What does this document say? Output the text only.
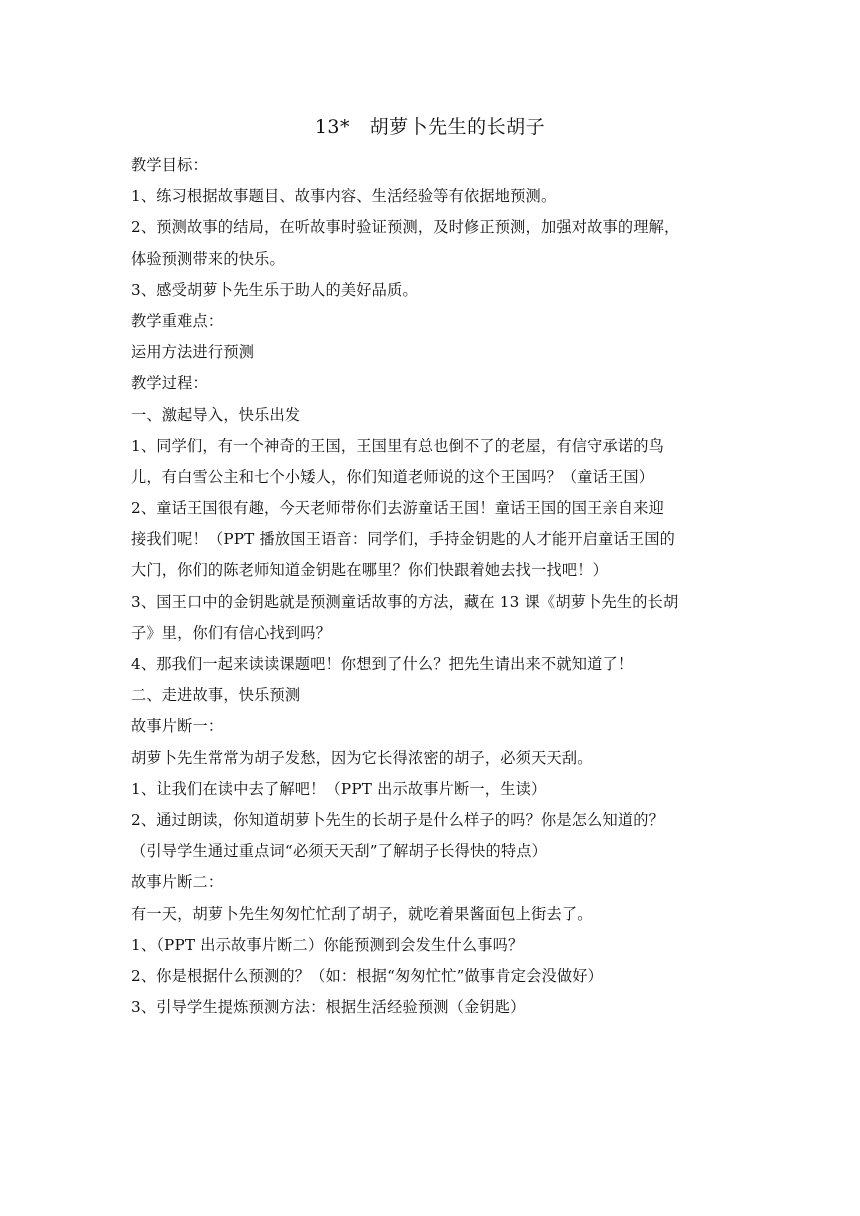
13*   胡萝卜先生的长胡子
教学目标：
1、练习根据故事题目、故事内容、生活经验等有依据地预测。
2、预测故事的结局，在听故事时验证预测，及时修正预测，加强对故事的理解，
体验预测带来的快乐。
3、感受胡萝卜先生乐于助人的美好品质。
教学重难点：
运用方法进行预测
教学过程：
一、激起导入，快乐出发
1、同学们，有一个神奇的王国，王国里有总也倒不了的老屋，有信守承诺的鸟
儿，有白雪公主和七个小矮人，你们知道老师说的这个王国吗？（童话王国）
2、童话王国很有趣，今天老师带你们去游童话王国！童话王国的国王亲自来迎
接我们呢！（PPT 播放国王语音：同学们，手持金钥匙的人才能开启童话王国的
大门，你们的陈老师知道金钥匙在哪里？你们快跟着她去找一找吧！）
3、国王口中的金钥匙就是预测童话故事的方法，藏在 13 课《胡萝卜先生的长胡
子》里，你们有信心找到吗？
4、那我们一起来读读课题吧！你想到了什么？把先生请出来不就知道了！
二、走进故事，快乐预测
故事片断一：
胡萝卜先生常常为胡子发愁，因为它长得浓密的胡子，必须天天刮。
1、让我们在读中去了解吧！（PPT 出示故事片断一，生读）
2、通过朗读，你知道胡萝卜先生的长胡子是什么样子的吗？你是怎么知道的？
（引导学生通过重点词“必须天天刮”了解胡子长得快的特点）
故事片断二：
有一天，胡萝卜先生匆匆忙忙刮了胡子，就吃着果酱面包上街去了。
1、（PPT 出示故事片断二）你能预测到会发生什么事吗？
2、你是根据什么预测的？（如：根据“匆匆忙忙”做事肯定会没做好）
3、引导学生提炼预测方法：根据生活经验预测（金钥匙）
